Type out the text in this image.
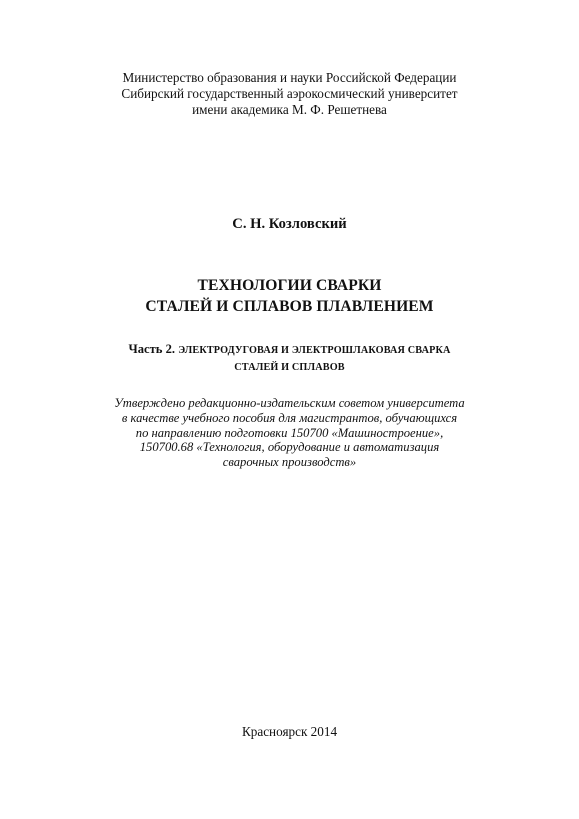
Министерство образования и науки Российской Федерации
Сибирский государственный аэрокосмический университет
имени академика М. Ф. Решетнева
С. Н. Козловский
ТЕХНОЛОГИИ СВАРКИ
СТАЛЕЙ И СПЛАВОВ ПЛАВЛЕНИЕМ
Часть 2. ЭЛЕКТРОДУГОВАЯ И ЭЛЕКТРОШЛАКОВАЯ СВАРКА
СТАЛЕЙ И СПЛАВОВ
Утверждено редакционно-издательским советом университета
в качестве учебного пособия для магистрантов, обучающихся
по направлению подготовки 150700 «Машиностроение»,
150700.68 «Технология, оборудование и автоматизация
сварочных производств»
Красноярск 2014
